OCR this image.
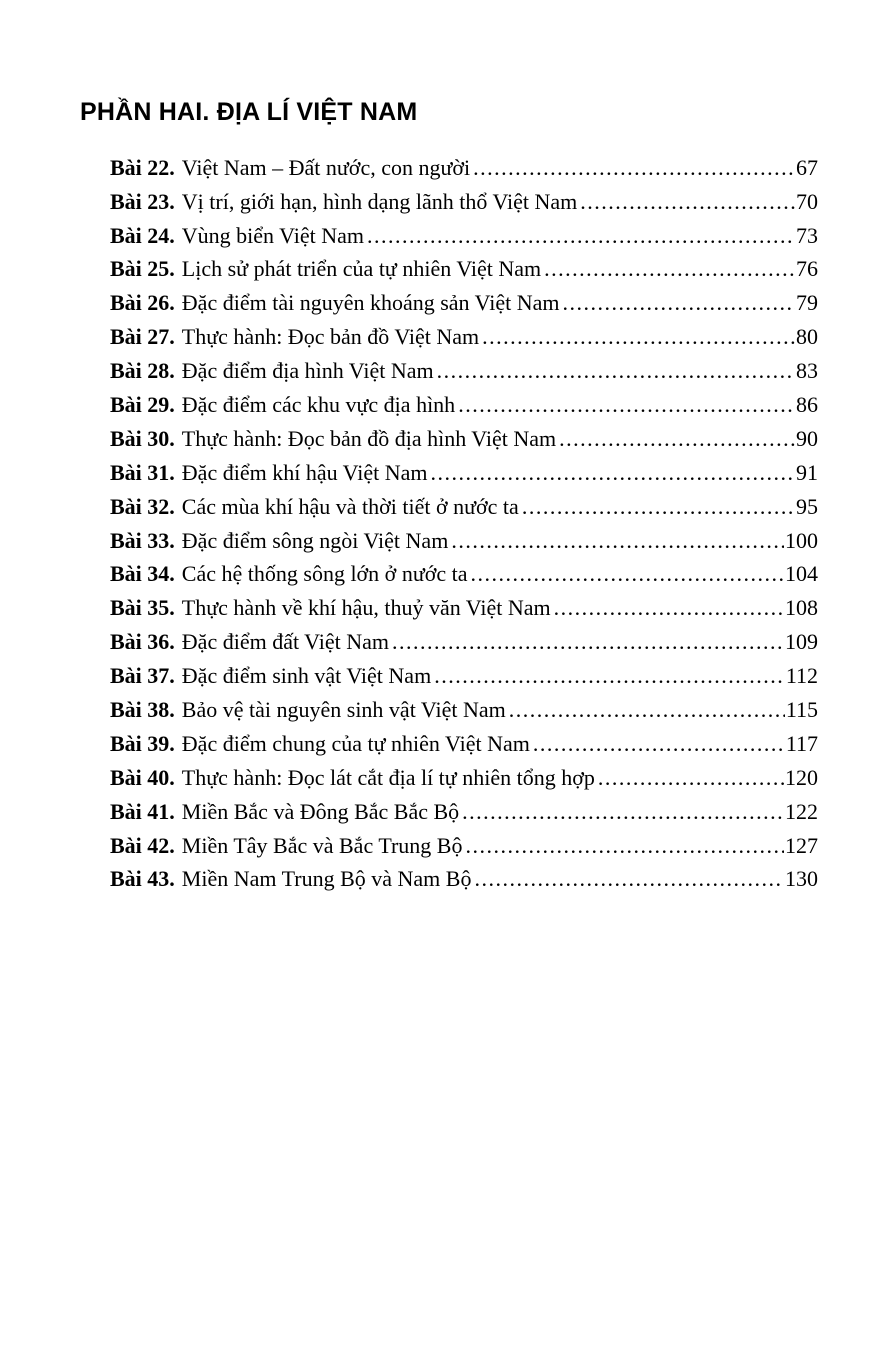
PHẦN HAI. ĐỊA LÍ VIỆT NAM
Bài 22. Việt Nam – Đất nước, con người .....	67
Bài 23. Vị trí, giới hạn, hình dạng lãnh thổ Việt Nam .....	70
Bài 24. Vùng biển Việt Nam .....	73
Bài 25. Lịch sử phát triển của tự nhiên Việt Nam .....	76
Bài 26. Đặc điểm tài nguyên khoáng sản Việt Nam .....	79
Bài 27. Thực hành: Đọc bản đồ Việt Nam .....	80
Bài 28. Đặc điểm địa hình Việt Nam .....	83
Bài 29. Đặc điểm các khu vực địa hình .....	86
Bài 30. Thực hành: Đọc bản đồ địa hình Việt Nam .....	90
Bài 31. Đặc điểm khí hậu Việt Nam .....	91
Bài 32. Các mùa khí hậu và thời tiết ở nước ta .....	95
Bài 33. Đặc điểm sông ngòi Việt Nam .....	100
Bài 34. Các hệ thống sông lớn ở nước ta .....	104
Bài 35. Thực hành về khí hậu, thuỷ văn Việt Nam .....	108
Bài 36. Đặc điểm đất Việt Nam .....	109
Bài 37. Đặc điểm sinh vật Việt Nam .....	112
Bài 38. Bảo vệ tài nguyên sinh vật Việt Nam .....	115
Bài 39. Đặc điểm chung của tự nhiên Việt Nam .....	117
Bài 40. Thực hành: Đọc lát cắt địa lí tự nhiên tổng hợp .....	120
Bài 41. Miền Bắc và Đông Bắc Bắc Bộ .....	122
Bài 42. Miền Tây Bắc và Bắc Trung Bộ .....	127
Bài 43. Miền Nam Trung Bộ và Nam Bộ .....	130
